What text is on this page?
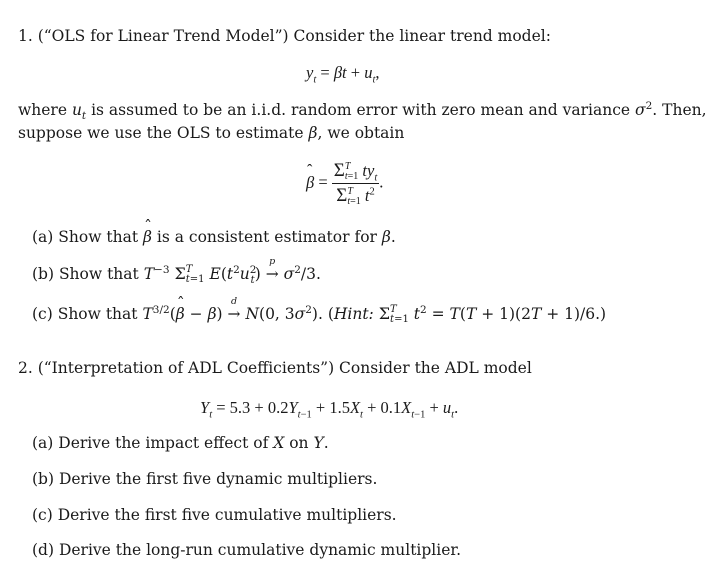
1. (“OLS for Linear Trend Model”) Consider the linear trend model:
$y_t = \beta t + u_t$,
where $u_t$ is assumed to be an i.i.d. random error with zero mean and variance $\sigma^2$. Then,
suppose we use the OLS to estimate β, we obtain
ˆ β = Σ T
t=1 $ty_t$
Σ T
t=1 $t^2$ .
(a) Show that ˆ β is a consistent estimator for β.
(b) Show that $T^{-3}$ Σ T
t=1 $E(t^2u^2_t)$
p
→ $\sigma^2/3$.
(c) Show that $T^{3/2}(ˆ$ β − β)
d
→ N(0, $3\sigma^2$). (Hint: Σ T
t=1 $t^2 = T(T + 1)(2T + 1)/6$.)
2. (“Interpretation of ADL Coefficients”) Consider the ADL model
$Y_t = 5.3 + 0.2Y_{t-1} + 1.5X_t + 0.1X_{t-1} + u_t$.
(a) Derive the impact effect of X on Y.
(b) Derive the first five dynamic multipliers.
(c) Derive the first five cumulative multipliers.
(d) Derive the long-run cumulative dynamic multiplier.
